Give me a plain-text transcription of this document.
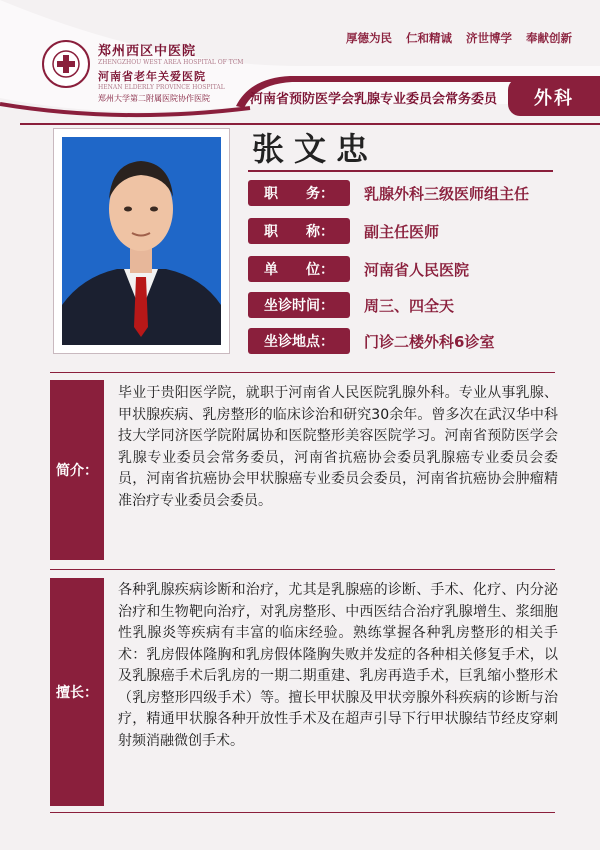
郑州西区中医院
ZHENGZHOU WEST AREA HOSPITAL OF TCM
河南省老年关爱医院
HENAN ELDERLY PROVINCE HOSPITAL
郑州大学第二附属医院协作医院
厚德为民 仁和精诚 济世博学 奉献创新
河南省预防医学会乳腺专业委员会常务委员	外科
张文忠
职　　务：	乳腺外科三级医师组主任
职　　称：	副主任医师
单　　位：	河南省人民医院
坐诊时间：	周三、四全天
坐诊地点：	门诊二楼外科6诊室
简介：
毕业于贵阳医学院，就职于河南省人民医院乳腺外科。专业从事乳腺、甲状腺疾病、乳房整形的临床诊治和研究30余年。曾多次在武汉华中科技大学同济医学院附属协和医院整形美容医院学习。河南省预防医学会乳腺专业委员会常务委员，河南省抗癌协会委员乳腺癌专业委员会委员，河南省抗癌协会甲状腺癌专业委员会委员，河南省抗癌协会肿瘤精准治疗专业委员会委员。
擅长：
各种乳腺疾病诊断和治疗，尤其是乳腺癌的诊断、手术、化疗、内分泌治疗和生物靶向治疗，对乳房整形、中西医结合治疗乳腺增生、浆细胞性乳腺炎等疾病有丰富的临床经验。熟练掌握各种乳房整形的相关手术：乳房假体隆胸和乳房假体隆胸失败并发症的各种相关修复手术，以及乳腺癌手术后乳房的一期二期重建、乳房再造手术，巨乳缩小整形术（乳房整形四级手术）等。擅长甲状腺及甲状旁腺外科疾病的诊断与治疗，精通甲状腺各种开放性手术及在超声引导下行甲状腺结节经皮穿刺射频消融微创手术。
